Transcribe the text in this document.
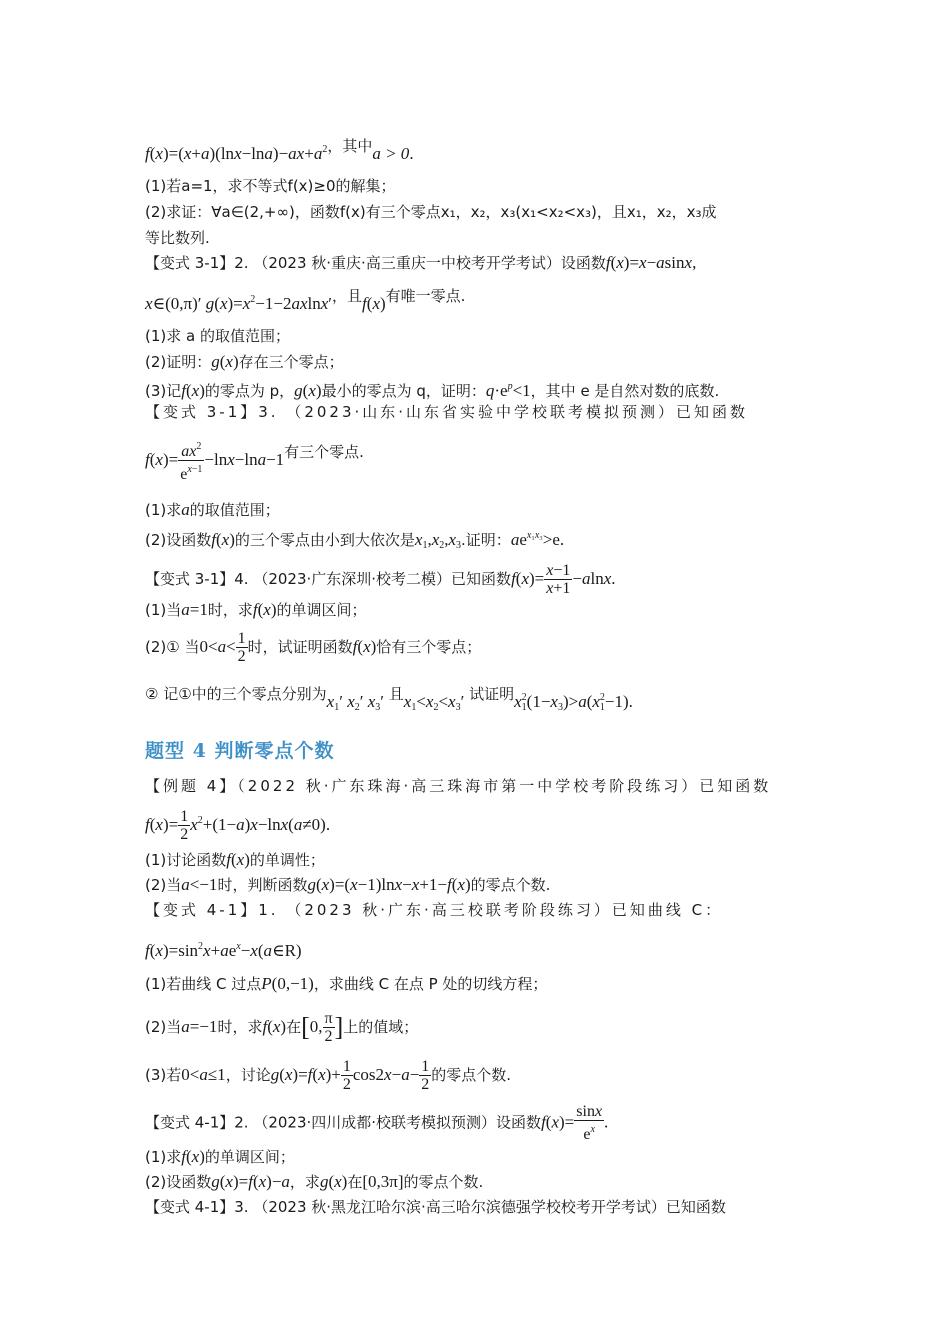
$f(x)=(x+a)(\ln x-\ln a)-ax+a^2$，其中a > 0.
(1)若a=1，求不等式f(x)≥0的解集；
(2)求证：∀a∈(2,+∞)，函数f(x)有三个零点x₁，x₂，x₃(x₁<x₂<x₃)，且x₁，x₂，x₃成
等比数列.
【变式 3-1】2. （2023 秋·重庆·高三重庆一中校考开学考试）设函数f(x)=x−asinx,
x∈(0,π)′ $g(x)=x^2-1-2axlnx'$，且f(x)有唯一零点.
(1)求 a 的取值范围；
(2)证明：g(x)存在三个零点；
(3)记f(x)的零点为 p，g(x)最小的零点为 q，证明：$q\cdot e^p<1$，其中 e 是自然对数的底数.
【变式 3-1】3. （2023·山东·山东省实验中学校联考模拟预测）已知函数
$f(x)= \frac{ax^2}{e^{x-1}} -\ln x-\ln a-1$有三个零点.
(1)求a的取值范围；
(2)设函数f(x)的三个零点由小到大依次是$x_1,x_2,x_3$.证明：$ae^{x_1x_3}>e$.
【变式 3-1】4. （2023·广东深圳·校考二模）已知函数$f(x)= \frac{x-1}{x+1} -alnx$.
(1)当a=1时，求f(x)的单调区间；
(2)① 当$0<a< \frac{1}{2}$ 时，试证明函数f(x)恰有三个零点；
② 记①中的三个零点分别为$x_1'$ $x_2'$ $x_3'$ 且$x_1<x_2<x_3'$ 试证明$x_1^2(1-x_3)>a(x_1^2-1)$.
题型 4 判断零点个数
【例题 4】（2022 秋·广东珠海·高三珠海市第一中学校考阶段练习）已知函数
$f(x)= \frac{1}{2} x^2+(1-a)x-\ln x(a\ne 0)$.
(1)讨论函数f(x)的单调性；
(2)当a<−1时，判断函数g(x)=(x−1)lnx−x+1−f(x)的零点个数.
【变式 4-1】1. （2023 秋·广东·高三校联考阶段练习）已知曲线 C：
$f(x)=\sin^2x+ae^x-x(a\in R)$
(1)若曲线 C 过点P(0,−1)，求曲线 C 在点 P 处的切线方程；
(2)当a=−1时，求f(x)在[0, $\frac{\pi}{2}$ ]上的值域；
(3)若0<a≤1，讨论$g(x)=f(x)+ \frac{1}{2} \cos 2x-a- \frac{1}{2}$ 的零点个数.
【变式 4-1】2. （2023·四川成都·校联考模拟预测）设函数$f(x)= \frac{\sin x}{e^x}$ .
(1)求f(x)的单调区间；
(2)设函数g(x)=f(x)−a，求g(x)在[0,3π]的零点个数.
【变式 4-1】3. （2023 秋·黑龙江哈尔滨·高三哈尔滨德强学校校考开学考试）已知函数
